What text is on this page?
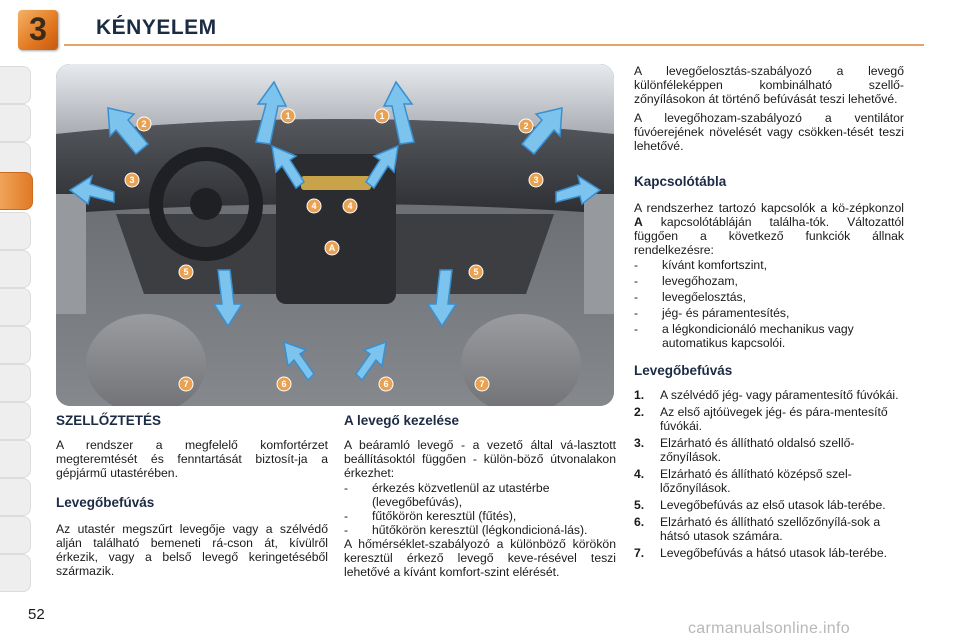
3	KÉNYELEM
1	1
2	2
3	3
4	4
A
5	5
6	6
7	7
SZELLŐZTETÉS

A rendszer a megfelelő komfortérzet megteremtését és fenntartását biztosít-ja a gépjármű utastérében.

Levegőbefúvás

Az utastér megszűrt levegője vagy a szélvédő alján található bemeneti rá-cson át, kívülről érkezik, vagy a belső levegő keringetéséből származik.

A levegő kezelése

A beáramló levegő - a vezető által vá-lasztott beállításoktól függően - külön-böző útvonalakon érkezhet:

- érkezés közvetlenül az utastérbe (levegőbefúvás),
- fűtőkörön keresztül (fűtés),
- hűtőkörön keresztül (légkondicioná-lás).

A hőmérséklet-szabályozó a különböző körökön keresztül érkező levegő keve-résével teszi lehetővé a kívánt komfort-szint elérését.

A levegőelosztás-szabályozó a levegő különféleképpen kombinálható szellő-zőnyílásokon át történő befúvását teszi lehetővé.

A levegőhozam-szabályozó a ventilátor fúvóerejének növelését vagy csökken-tését teszi lehetővé.

Kapcsolótábla

A rendszerhez tartozó kapcsolók a kö-zépkonzol A kapcsolótábláján találha-tók. Változattól függően a következő funkciók állnak rendelkezésre:

- kívánt komfortszint,
- levegőhozam,
- levegőelosztás,
- jég- és páramentesítés,
- a légkondicionáló mechanikus vagy automatikus kapcsolói.
Levegőbefúvás
1. A szélvédő jég- vagy páramentesítő fúvókái.
2. Az első ajtóüvegek jég- és pára-mentesítő fúvókái.
3. Elzárható és állítható oldalsó szellő-zőnyílások.
4. Elzárható és állítható középső szel-lőzőnyílások.
5. Levegőbefúvás az első utasok láb-terébe.
6. Elzárható és állítható szellőzőnyílá-sok a hátsó utasok számára.
7. Levegőbefúvás a hátsó utasok láb-terébe.
52
carmanualsonline.info
